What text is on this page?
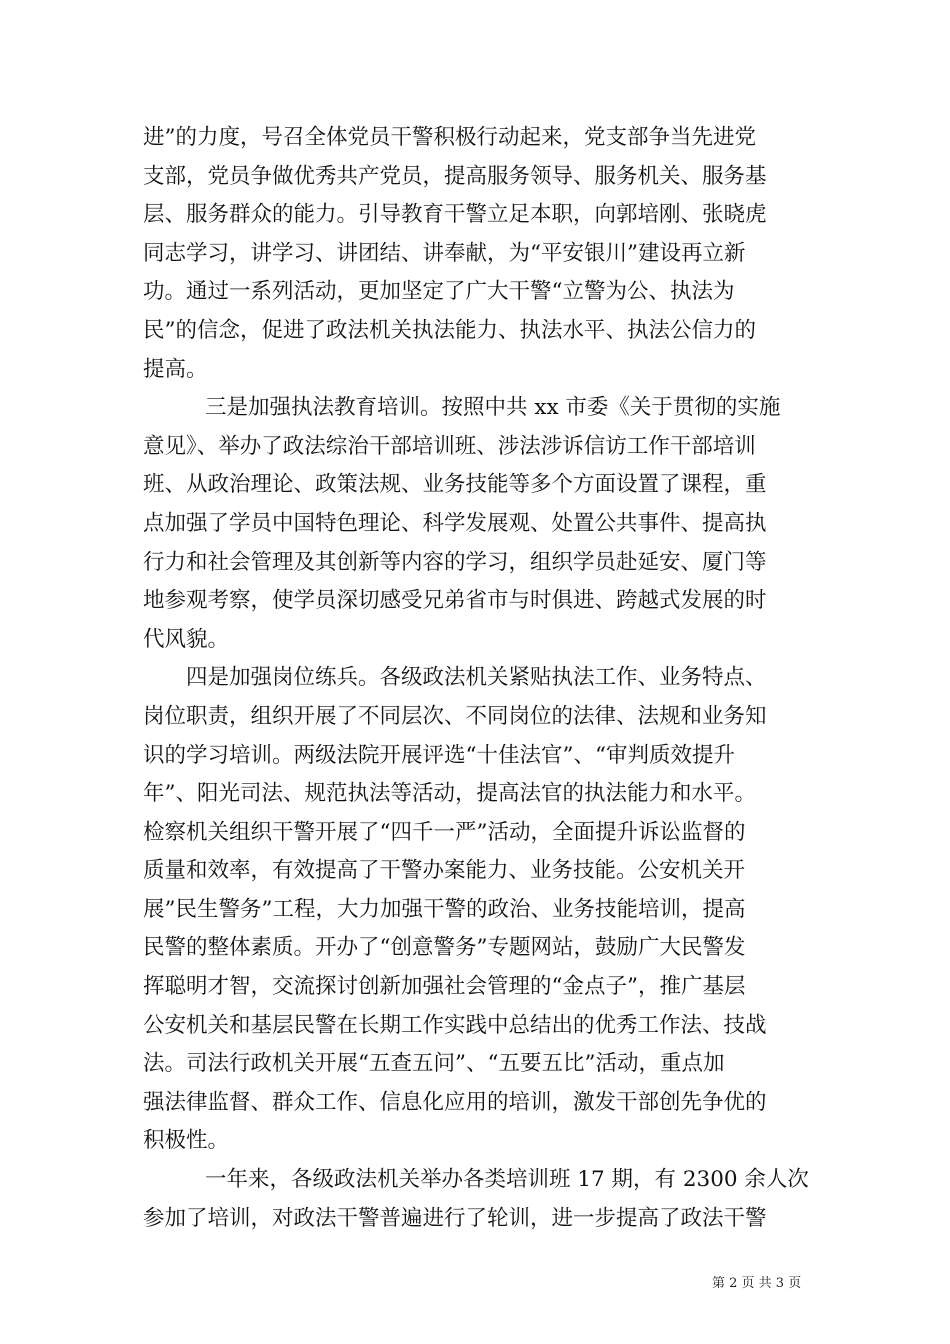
进”的力度，号召全体党员干警积极行动起来，党支部争当先进党
支部，党员争做优秀共产党员，提高服务领导、服务机关、服务基
层、服务群众的能力。引导教育干警立足本职，向郭培刚、张晓虎
同志学习，讲学习、讲团结、讲奉献，为“平安银川”建设再立新
功。通过一系列活动，更加坚定了广大干警“立警为公、执法为
民”的信念，促进了政法机关执法能力、执法水平、执法公信力的
提高。
三是加强执法教育培训。按照中共 xx 市委《关于贯彻的实施
意见》、举办了政法综治干部培训班、涉法涉诉信访工作干部培训
班、从政治理论、政策法规、业务技能等多个方面设置了课程，重
点加强了学员中国特色理论、科学发展观、处置公共事件、提高执
行力和社会管理及其创新等内容的学习，组织学员赴延安、厦门等
地参观考察，使学员深切感受兄弟省市与时俱进、跨越式发展的时
代风貌。
四是加强岗位练兵。各级政法机关紧贴执法工作、业务特点、
岗位职责，组织开展了不同层次、不同岗位的法律、法规和业务知
识的学习培训。两级法院开展评选“十佳法官”、“审判质效提升
年”、阳光司法、规范执法等活动，提高法官的执法能力和水平。
检察机关组织干警开展了“四千一严”活动，全面提升诉讼监督的
质量和效率，有效提高了干警办案能力、业务技能。公安机关开
展”民生警务”工程，大力加强干警的政治、业务技能培训，提高
民警的整体素质。开办了“创意警务”专题网站，鼓励广大民警发
挥聪明才智，交流探讨创新加强社会管理的“金点子”，推广基层
公安机关和基层民警在长期工作实践中总结出的优秀工作法、技战
法。司法行政机关开展“五查五问”、“五要五比”活动，重点加
强法律监督、群众工作、信息化应用的培训，激发干部创先争优的
积极性。
一年来，各级政法机关举办各类培训班 17 期，有 2300 余人次
参加了培训，对政法干警普遍进行了轮训，进一步提高了政法干警
第 2 页 共 3 页
